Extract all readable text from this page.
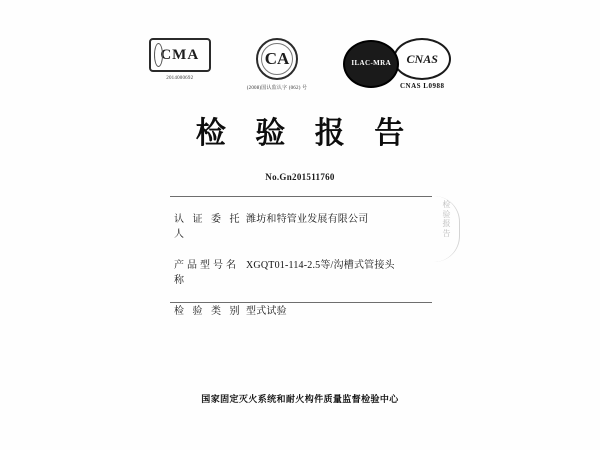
CMA
2014000692
CA
(2008)国认监认字 (062) 号
ILAC-MRA	CNAS
CNAS L0988
检 验 报 告
No.Gn201511760
认 证 委 托 人
潍坊和特管业发展有限公司
产品型号名称
XGQT01-114-2.5等/沟槽式管接头
检 验 类 别 型式试验
检验报告
国家固定灭火系统和耐火构件质量监督检验中心
